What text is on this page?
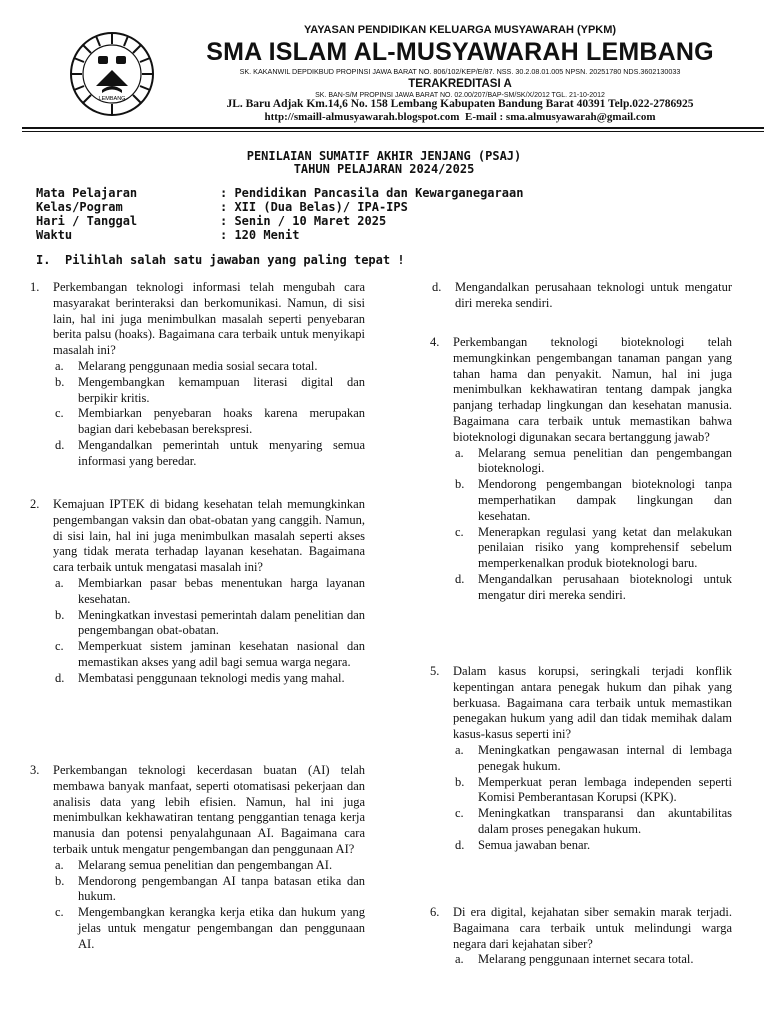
LEMBANG
YAYASAN PENDIDIKAN KELUARGA MUSYAWARAH (YPKM)
SMA ISLAM AL-MUSYAWARAH LEMBANG
SK. KAKANWIL DEPDIKBUD PROPINSI JAWA BARAT NO. 806/102/KEP/E/87. NSS. 30.2.08.01.005 NPSN. 20251780 NDS.3602130033
TERAKREDITASI A
SK. BAN-S/M PROPINSI JAWA BARAT NO. 02.00/207/BAP-SM/SK/X/2012 TGL. 21-10-2012
JL. Baru Adjak Km.14,6 No. 158 Lembang Kabupaten Bandung Barat 40391 Telp.022-2786925
http://smaill-almusyawarah.blogspot.com E-mail : sma.almusyawarah@gmail.com
PENILAIAN SUMATIF AKHIR JENJANG (PSAJ)
TAHUN PELAJARAN 2024/2025
Mata Pelajaran	: Pendidikan Pancasila dan Kewarganegaraan
Kelas/Pogram	: XII (Dua Belas)/ IPA-IPS
Hari / Tanggal	: Senin / 10 Maret 2025
Waktu	: 120 Menit
I. Pilihlah salah satu jawaban yang paling tepat !
1. Perkembangan teknologi informasi telah mengubah cara masyarakat berinteraksi dan berkomunikasi. Namun, di sisi lain, hal ini juga menimbulkan masalah seperti penyebaran berita palsu (hoaks). Bagaimana cara terbaik untuk menyikapi masalah ini?
a. Melarang penggunaan media sosial secara total.
b. Mengembangkan kemampuan literasi digital dan berpikir kritis.
c. Membiarkan penyebaran hoaks karena merupakan bagian dari kebebasan berekspresi.
d. Mengandalkan pemerintah untuk menyaring semua informasi yang beredar.
2. Kemajuan IPTEK di bidang kesehatan telah memungkinkan pengembangan vaksin dan obat-obatan yang canggih. Namun, di sisi lain, hal ini juga menimbulkan masalah seperti akses yang tidak merata terhadap layanan kesehatan. Bagaimana cara terbaik untuk mengatasi masalah ini?
a. Membiarkan pasar bebas menentukan harga layanan kesehatan.
b. Meningkatkan investasi pemerintah dalam penelitian dan pengembangan obat-obatan.
c. Memperkuat sistem jaminan kesehatan nasional dan memastikan akses yang adil bagi semua warga negara.
d. Membatasi penggunaan teknologi medis yang mahal.
3. Perkembangan teknologi kecerdasan buatan (AI) telah membawa banyak manfaat, seperti otomatisasi pekerjaan dan analisis data yang lebih efisien. Namun, hal ini juga menimbulkan kekhawatiran tentang penggantian tenaga kerja manusia dan potensi penyalahgunaan AI. Bagaimana cara terbaik untuk mengatur pengembangan dan penggunaan AI?
a. Melarang semua penelitian dan pengembangan AI.
b. Mendorong pengembangan AI tanpa batasan etika dan hukum.
c. Mengembangkan kerangka kerja etika dan hukum yang jelas untuk mengatur pengembangan dan penggunaan AI.
d. Mengandalkan perusahaan teknologi untuk mengatur diri mereka sendiri.
4. Perkembangan teknologi bioteknologi telah memungkinkan pengembangan tanaman pangan yang tahan hama dan penyakit. Namun, hal ini juga menimbulkan kekhawatiran tentang dampak jangka panjang terhadap lingkungan dan kesehatan manusia. Bagaimana cara terbaik untuk memastikan bahwa bioteknologi digunakan secara bertanggung jawab?
a. Melarang semua penelitian dan pengembangan bioteknologi.
b. Mendorong pengembangan bioteknologi tanpa memperhatikan dampak lingkungan dan kesehatan.
c. Menerapkan regulasi yang ketat dan melakukan penilaian risiko yang komprehensif sebelum memperkenalkan produk bioteknologi baru.
d. Mengandalkan perusahaan bioteknologi untuk mengatur diri mereka sendiri.
5. Dalam kasus korupsi, seringkali terjadi konflik kepentingan antara penegak hukum dan pihak yang berkuasa. Bagaimana cara terbaik untuk memastikan penegakan hukum yang adil dan tidak memihak dalam kasus-kasus seperti ini?
a. Meningkatkan pengawasan internal di lembaga penegak hukum.
b. Memperkuat peran lembaga independen seperti Komisi Pemberantasan Korupsi (KPK).
c. Meningkatkan transparansi dan akuntabilitas dalam proses penegakan hukum.
d. Semua jawaban benar.
6. Di era digital, kejahatan siber semakin marak terjadi. Bagaimana cara terbaik untuk melindungi warga negara dari kejahatan siber?
a. Melarang penggunaan internet secara total.
